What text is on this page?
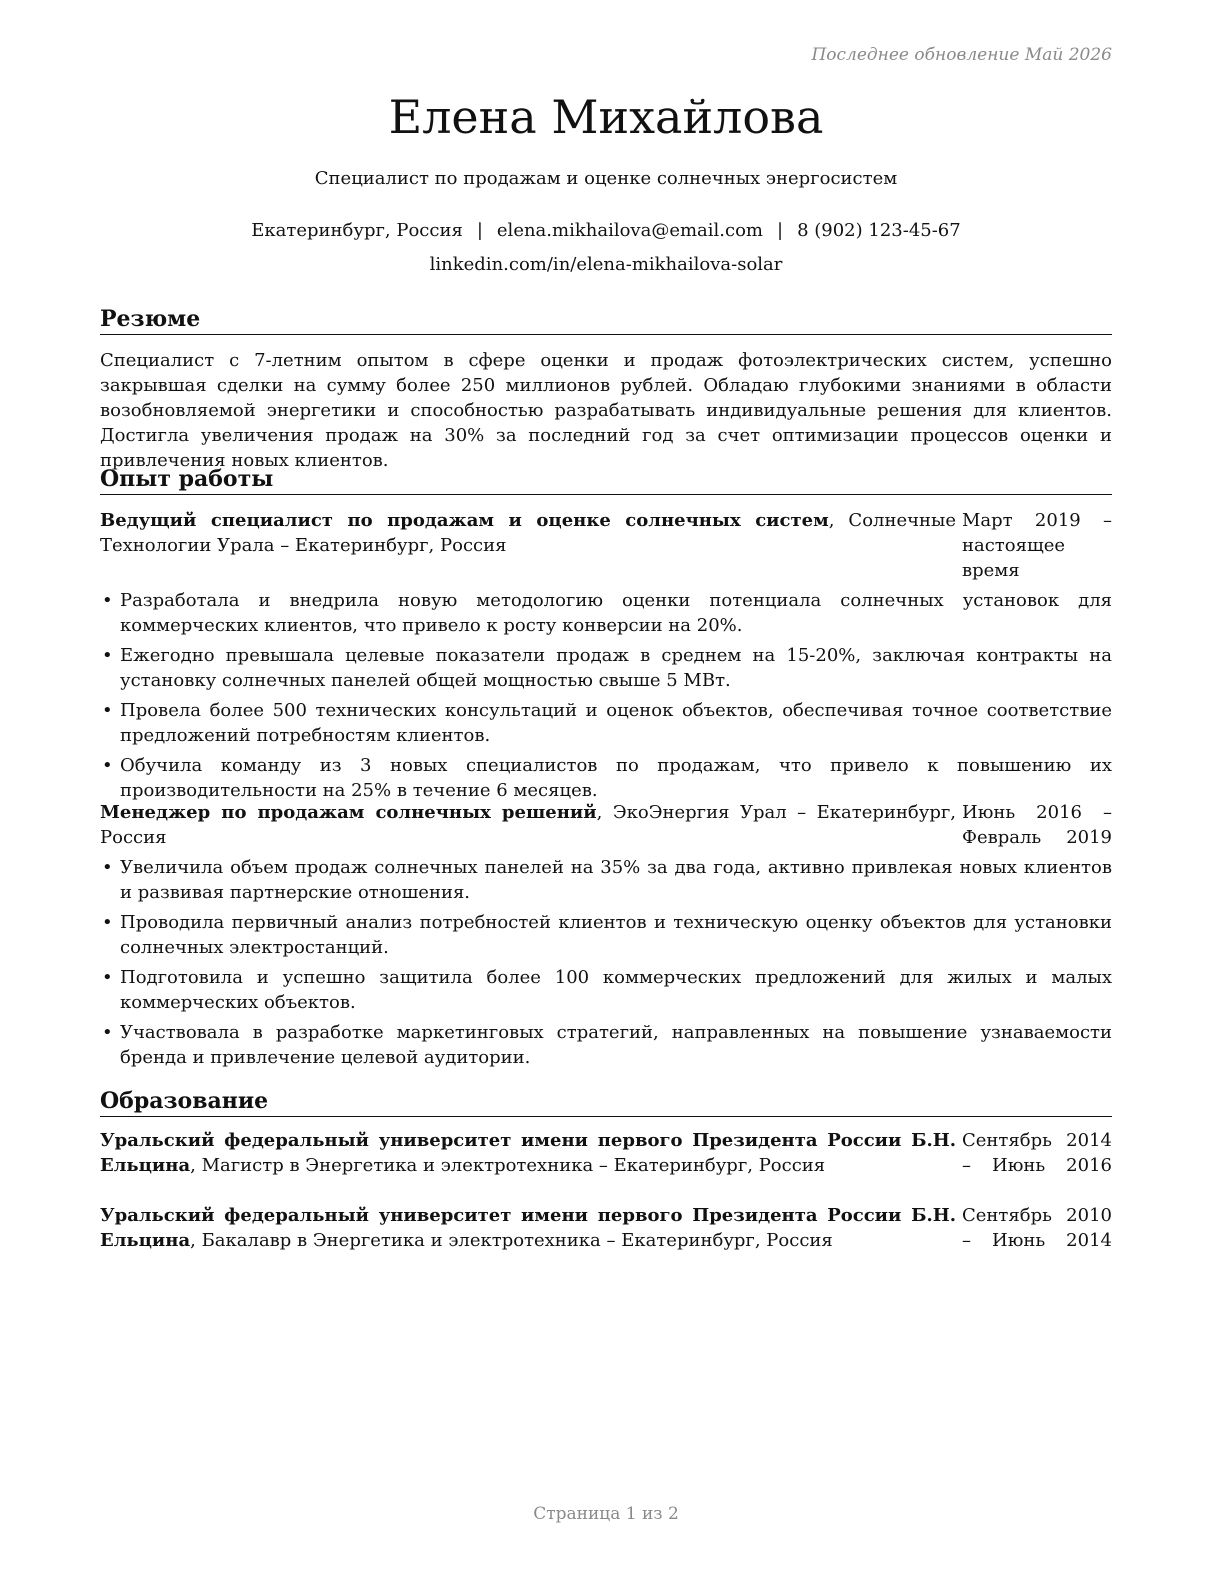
Последнее обновление Май 2026
Елена Михайлова
Специалист по продажам и оценке солнечных энергосистем
Екатеринбург, Россия | elena.mikhailova@email.com | 8 (902) 123-45-67
linkedin.com/in/elena-mikhailova-solar
Резюме
Специалист с 7-летним опытом в сфере оценки и продаж фотоэлектрических систем, успешно закрывшая сделки на сумму более 250 миллионов рублей. Обладаю глубокими знаниями в области возобновляемой энергетики и способностью разрабатывать индивидуальные решения для клиентов. Достигла увеличения продаж на 30% за последний год за счет оптимизации процессов оценки и привлечения новых клиентов.
Опыт работы
Ведущий специалист по продажам и оценке солнечных систем, Солнечные Технологии Урала – Екатеринбург, Россия
Март 2019 – настоящее время
• Разработала и внедрила новую методологию оценки потенциала солнечных установок для коммерческих клиентов, что привело к росту конверсии на 20%.
• Ежегодно превышала целевые показатели продаж в среднем на 15-20%, заключая контракты на установку солнечных панелей общей мощностью свыше 5 МВт.
• Провела более 500 технических консультаций и оценок объектов, обеспечивая точное соответствие предложений потребностям клиентов.
• Обучила команду из 3 новых специалистов по продажам, что привело к повышению их производительности на 25% в течение 6 месяцев.
Менеджер по продажам солнечных решений, ЭкоЭнергия Урал – Екатеринбург, Россия
Июнь 2016 – Февраль 2019
• Увеличила объем продаж солнечных панелей на 35% за два года, активно привлекая новых клиентов и развивая партнерские отношения.
• Проводила первичный анализ потребностей клиентов и техническую оценку объектов для установки солнечных электростанций.
• Подготовила и успешно защитила более 100 коммерческих предложений для жилых и малых коммерческих объектов.
• Участвовала в разработке маркетинговых стратегий, направленных на повышение узнаваемости бренда и привлечение целевой аудитории.
Образование
Уральский федеральный университет имени первого Президента России Б.Н. Ельцина, Магистр в Энергетика и электротехника – Екатеринбург, Россия
Сентябрь 2014 – Июнь 2016
Уральский федеральный университет имени первого Президента России Б.Н. Ельцина, Бакалавр в Энергетика и электротехника – Екатеринбург, Россия
Сентябрь 2010 – Июнь 2014
Страница 1 из 2
